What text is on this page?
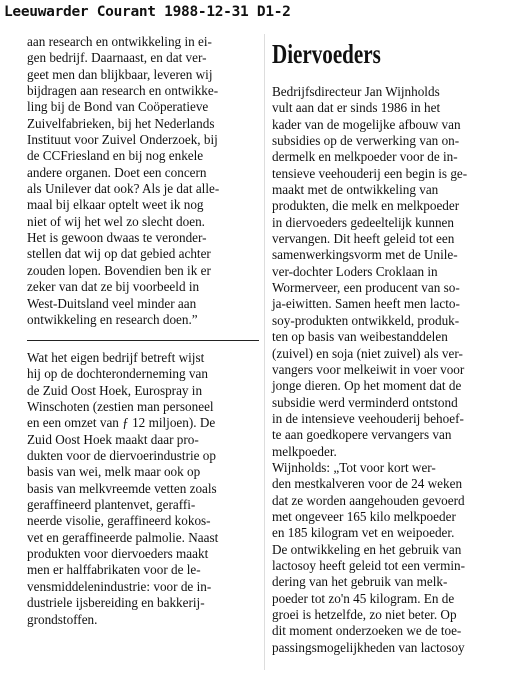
Leeuwarder Courant 1988-12-31 D1-2
aan research en ontwikkeling in ei-
gen bedrijf. Daarnaast, en dat ver-
geet men dan blijkbaar, leveren wij
bijdragen aan research en ontwikke-
ling bij de Bond van Coöperatieve
Zuivelfabrieken, bij het Nederlands
Instituut voor Zuivel Onderzoek, bij
de CCFriesland en bij nog enkele
andere organen. Doet een concern
als Unilever dat ook? Als je dat alle-
maal bij elkaar optelt weet ik nog
niet of wij het wel zo slecht doen.
Het is gewoon dwaas te veronder-
stellen dat wij op dat gebied achter
zouden lopen. Bovendien ben ik er
zeker van dat ze bij voorbeeld in
West-Duitsland veel minder aan
ontwikkeling en research doen.”
Wat het eigen bedrijf betreft wijst
hij op de dochteronderneming van
de Zuid Oost Hoek, Eurospray in
Winschoten (zestien man personeel
en een omzet van ƒ 12 miljoen). De
Zuid Oost Hoek maakt daar pro-
dukten voor de diervoerindustrie op
basis van wei, melk maar ook op
basis van melkvreemde vetten zoals
geraffineerd plantenvet, geraffi-
neerde visolie, geraffineerd kokos-
vet en geraffineerde palmolie. Naast
produkten voor diervoeders maakt
men er halffabrikaten voor de le-
vensmiddelenindustrie: voor de in-
dustriele ijsbereiding en bakkerij-
grondstoffen.
Diervoeders
Bedrijfsdirecteur Jan Wijnholds
vult aan dat er sinds 1986 in het
kader van de mogelijke afbouw van
subsidies op de verwerking van on-
dermelk en melkpoeder voor de in-
tensieve veehouderij een begin is ge-
maakt met de ontwikkeling van
produkten, die melk en melkpoeder
in diervoeders gedeeltelijk kunnen
vervangen. Dit heeft geleid tot een
samenwerkingsvorm met de Unile-
ver-dochter Loders Croklaan in
Wormerveer, een producent van so-
ja-eiwitten. Samen heeft men lacto-
soy-produkten ontwikkeld, produk-
ten op basis van weibestanddelen
(zuivel) en soja (niet zuivel) als ver-
vangers voor melkeiwit in voer voor
jonge dieren. Op het moment dat de
subsidie werd verminderd ontstond
in de intensieve veehouderij behoef-
te aan goedkopere vervangers van
melkpoeder.
Wijnholds: „Tot voor kort wer-
den mestkalveren voor de 24 weken
dat ze worden aangehouden gevoerd
met ongeveer 165 kilo melkpoeder
en 185 kilogram vet en weipoeder.
De ontwikkeling en het gebruik van
lactosoy heeft geleid tot een vermin-
dering van het gebruik van melk-
poeder tot zo'n 45 kilogram. En de
groei is hetzelfde, zo niet beter. Op
dit moment onderzoeken we de toe-
passingsmogelijkheden van lactosoy
